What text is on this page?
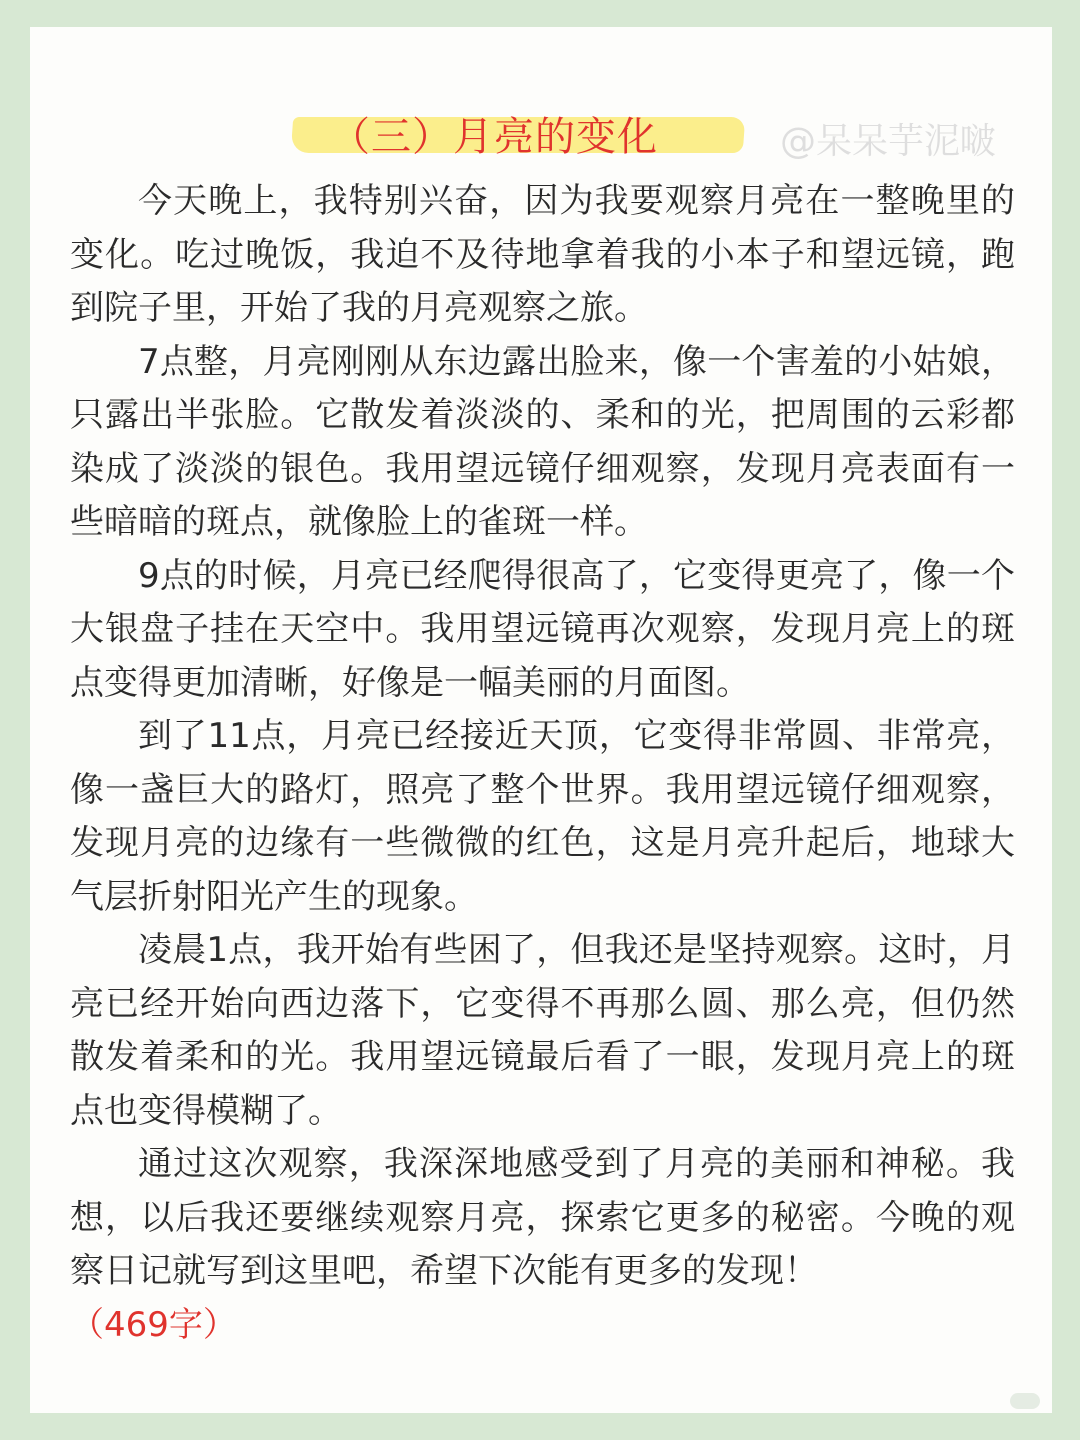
（三）月亮的变化	@呆呆芋泥啵

今天晚上，我特别兴奋，因为我要观察月亮在一整晚里的变化。吃过晚饭，我迫不及待地拿着我的小本子和望远镜，跑到院子里，开始了我的月亮观察之旅。

7点整，月亮刚刚从东边露出脸来，像一个害羞的小姑娘，只露出半张脸。它散发着淡淡的、柔和的光，把周围的云彩都染成了淡淡的银色。我用望远镜仔细观察，发现月亮表面有一些暗暗的斑点，就像脸上的雀斑一样。

9点的时候，月亮已经爬得很高了，它变得更亮了，像一个大银盘子挂在天空中。我用望远镜再次观察，发现月亮上的斑点变得更加清晰，好像是一幅美丽的月面图。

到了11点，月亮已经接近天顶，它变得非常圆、非常亮，像一盏巨大的路灯，照亮了整个世界。我用望远镜仔细观察，发现月亮的边缘有一些微微的红色，这是月亮升起后，地球大气层折射阳光产生的现象。

凌晨1点，我开始有些困了，但我还是坚持观察。这时，月亮已经开始向西边落下，它变得不再那么圆、那么亮，但仍然散发着柔和的光。我用望远镜最后看了一眼，发现月亮上的斑点也变得模糊了。

通过这次观察，我深深地感受到了月亮的美丽和神秘。我想，以后我还要继续观察月亮，探索它更多的秘密。今晚的观察日记就写到这里吧，希望下次能有更多的发现！

（469字）
